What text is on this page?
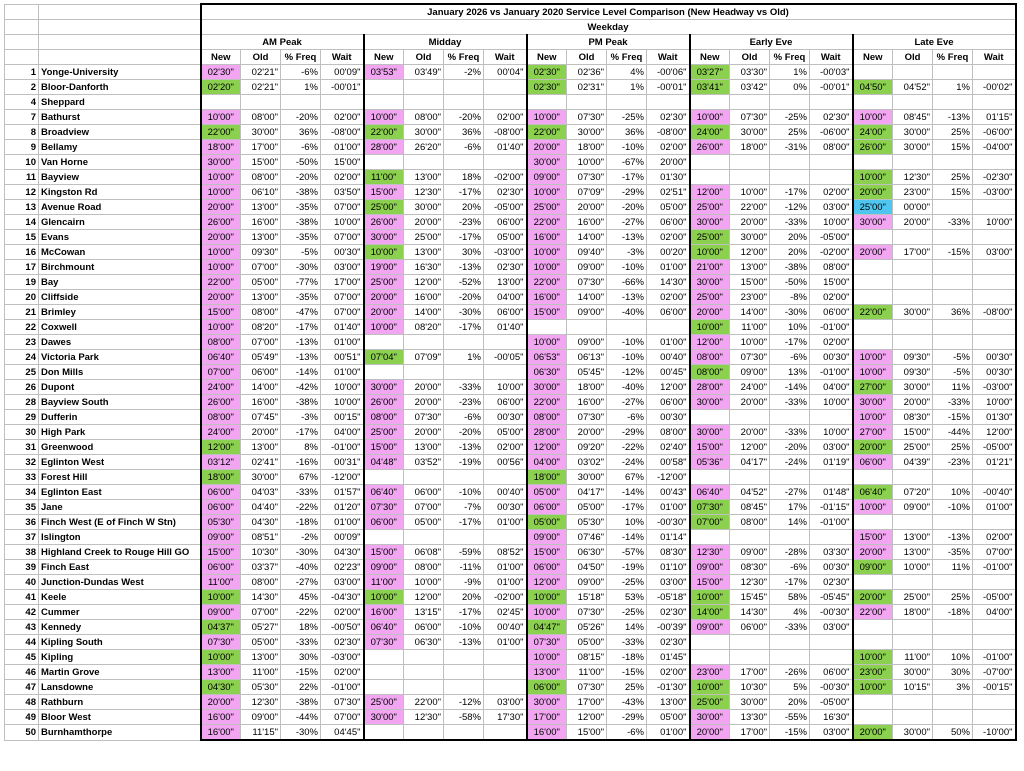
		January 2026 vs January 2020 Service Level Comparison (New Headway vs Old)																			
		Weekday																			
		AM Peak				Midday				PM Peak				Early Eve				Late Eve			
		New	Old	% Freq	Wait	New	Old	% Freq	Wait	New	Old	% Freq	Wait	New	Old	% Freq	Wait	New	Old	% Freq	Wait
1	Yonge-University	02'30"	02'21"	-6%	00'09"	03'53"	03'49"	-2%	00'04"	02'30"	02'36"	4%	-00'06"	03'27"	03'30"	1%	-00'03"				
2	Bloor-Danforth	02'20"	02'21"	1%	-00'01"					02'30"	02'31"	1%	-00'01"	03'41"	03'42"	0%	-00'01"	04'50"	04'52"	1%	-00'02"
4	Sheppard																				
7	Bathurst	10'00"	08'00"	-20%	02'00"	10'00"	08'00"	-20%	02'00"	10'00"	07'30"	-25%	02'30"	10'00"	07'30"	-25%	02'30"	10'00"	08'45"	-13%	01'15"
8	Broadview	22'00"	30'00"	36%	-08'00"	22'00"	30'00"	36%	-08'00"	22'00"	30'00"	36%	-08'00"	24'00"	30'00"	25%	-06'00"	24'00"	30'00"	25%	-06'00"
9	Bellamy	18'00"	17'00"	-6%	01'00"	28'00"	26'20"	-6%	01'40"	20'00"	18'00"	-10%	02'00"	26'00"	18'00"	-31%	08'00"	26'00"	30'00"	15%	-04'00"
10	Van Horne	30'00"	15'00"	-50%	15'00"					30'00"	10'00"	-67%	20'00"								
11	Bayview	10'00"	08'00"	-20%	02'00"	11'00"	13'00"	18%	-02'00"	09'00"	07'30"	-17%	01'30"					10'00"	12'30"	25%	-02'30"
12	Kingston Rd	10'00"	06'10"	-38%	03'50"	15'00"	12'30"	-17%	02'30"	10'00"	07'09"	-29%	02'51"	12'00"	10'00"	-17%	02'00"	20'00"	23'00"	15%	-03'00"
13	Avenue Road	20'00"	13'00"	-35%	07'00"	25'00"	30'00"	20%	-05'00"	25'00"	20'00"	-20%	05'00"	25'00"	22'00"	-12%	03'00"	25'00"	00'00"		
14	Glencairn	26'00"	16'00"	-38%	10'00"	26'00"	20'00"	-23%	06'00"	22'00"	16'00"	-27%	06'00"	30'00"	20'00"	-33%	10'00"	30'00"	20'00"	-33%	10'00"
15	Evans	20'00"	13'00"	-35%	07'00"	30'00"	25'00"	-17%	05'00"	16'00"	14'00"	-13%	02'00"	25'00"	30'00"	20%	-05'00"				
16	McCowan	10'00"	09'30"	-5%	00'30"	10'00"	13'00"	30%	-03'00"	10'00"	09'40"	-3%	00'20"	10'00"	12'00"	20%	-02'00"	20'00"	17'00"	-15%	03'00"
17	Birchmount	10'00"	07'00"	-30%	03'00"	19'00"	16'30"	-13%	02'30"	10'00"	09'00"	-10%	01'00"	21'00"	13'00"	-38%	08'00"				
19	Bay	22'00"	05'00"	-77%	17'00"	25'00"	12'00"	-52%	13'00"	22'00"	07'30"	-66%	14'30"	30'00"	15'00"	-50%	15'00"				
20	Cliffside	20'00"	13'00"	-35%	07'00"	20'00"	16'00"	-20%	04'00"	16'00"	14'00"	-13%	02'00"	25'00"	23'00"	-8%	02'00"				
21	Brimley	15'00"	08'00"	-47%	07'00"	20'00"	14'00"	-30%	06'00"	15'00"	09'00"	-40%	06'00"	20'00"	14'00"	-30%	06'00"	22'00"	30'00"	36%	-08'00"
22	Coxwell	10'00"	08'20"	-17%	01'40"	10'00"	08'20"	-17%	01'40"					10'00"	11'00"	10%	-01'00"				
23	Dawes	08'00"	07'00"	-13%	01'00"					10'00"	09'00"	-10%	01'00"	12'00"	10'00"	-17%	02'00"				
24	Victoria Park	06'40"	05'49"	-13%	00'51"	07'04"	07'09"	1%	-00'05"	06'53"	06'13"	-10%	00'40"	08'00"	07'30"	-6%	00'30"	10'00"	09'30"	-5%	00'30"
25	Don Mills	07'00"	06'00"	-14%	01'00"					06'30"	05'45"	-12%	00'45"	08'00"	09'00"	13%	-01'00"	10'00"	09'30"	-5%	00'30"
26	Dupont	24'00"	14'00"	-42%	10'00"	30'00"	20'00"	-33%	10'00"	30'00"	18'00"	-40%	12'00"	28'00"	24'00"	-14%	04'00"	27'00"	30'00"	11%	-03'00"
28	Bayview South	26'00"	16'00"	-38%	10'00"	26'00"	20'00"	-23%	06'00"	22'00"	16'00"	-27%	06'00"	30'00"	20'00"	-33%	10'00"	30'00"	20'00"	-33%	10'00"
29	Dufferin	08'00"	07'45"	-3%	00'15"	08'00"	07'30"	-6%	00'30"	08'00"	07'30"	-6%	00'30"					10'00"	08'30"	-15%	01'30"
30	High Park	24'00"	20'00"	-17%	04'00"	25'00"	20'00"	-20%	05'00"	28'00"	20'00"	-29%	08'00"	30'00"	20'00"	-33%	10'00"	27'00"	15'00"	-44%	12'00"
31	Greenwood	12'00"	13'00"	8%	-01'00"	15'00"	13'00"	-13%	02'00"	12'00"	09'20"	-22%	02'40"	15'00"	12'00"	-20%	03'00"	20'00"	25'00"	25%	-05'00"
32	Eglinton West	03'12"	02'41"	-16%	00'31"	04'48"	03'52"	-19%	00'56"	04'00"	03'02"	-24%	00'58"	05'36"	04'17"	-24%	01'19"	06'00"	04'39"	-23%	01'21"
33	Forest Hill	18'00"	30'00"	67%	-12'00"					18'00"	30'00"	67%	-12'00"								
34	Eglinton East	06'00"	04'03"	-33%	01'57"	06'40"	06'00"	-10%	00'40"	05'00"	04'17"	-14%	00'43"	06'40"	04'52"	-27%	01'48"	06'40"	07'20"	10%	-00'40"
35	Jane	06'00"	04'40"	-22%	01'20"	07'30"	07'00"	-7%	00'30"	06'00"	05'00"	-17%	01'00"	07'30"	08'45"	17%	-01'15"	10'00"	09'00"	-10%	01'00"
36	Finch West (E of Finch W Stn)	05'30"	04'30"	-18%	01'00"	06'00"	05'00"	-17%	01'00"	05'00"	05'30"	10%	-00'30"	07'00"	08'00"	14%	-01'00"				
37	Islington	09'00"	08'51"	-2%	00'09"					09'00"	07'46"	-14%	01'14"					15'00"	13'00"	-13%	02'00"
38	Highland Creek to Rouge Hill GO	15'00"	10'30"	-30%	04'30"	15'00"	06'08"	-59%	08'52"	15'00"	06'30"	-57%	08'30"	12'30"	09'00"	-28%	03'30"	20'00"	13'00"	-35%	07'00"
39	Finch East	06'00"	03'37"	-40%	02'23"	09'00"	08'00"	-11%	01'00"	06'00"	04'50"	-19%	01'10"	09'00"	08'30"	-6%	00'30"	09'00"	10'00"	11%	-01'00"
40	Junction-Dundas West	11'00"	08'00"	-27%	03'00"	11'00"	10'00"	-9%	01'00"	12'00"	09'00"	-25%	03'00"	15'00"	12'30"	-17%	02'30"				
41	Keele	10'00"	14'30"	45%	-04'30"	10'00"	12'00"	20%	-02'00"	10'00"	15'18"	53%	-05'18"	10'00"	15'45"	58%	-05'45"	20'00"	25'00"	25%	-05'00"
42	Cummer	09'00"	07'00"	-22%	02'00"	16'00"	13'15"	-17%	02'45"	10'00"	07'30"	-25%	02'30"	14'00"	14'30"	4%	-00'30"	22'00"	18'00"	-18%	04'00"
43	Kennedy	04'37"	05'27"	18%	-00'50"	06'40"	06'00"	-10%	00'40"	04'47"	05'26"	14%	-00'39"	09'00"	06'00"	-33%	03'00"				
44	Kipling South	07'30"	05'00"	-33%	02'30"	07'30"	06'30"	-13%	01'00"	07'30"	05'00"	-33%	02'30"								
45	Kipling	10'00"	13'00"	30%	-03'00"					10'00"	08'15"	-18%	01'45"					10'00"	11'00"	10%	-01'00"
46	Martin Grove	13'00"	11'00"	-15%	02'00"					13'00"	11'00"	-15%	02'00"	23'00"	17'00"	-26%	06'00"	23'00"	30'00"	30%	-07'00"
47	Lansdowne	04'30"	05'30"	22%	-01'00"					06'00"	07'30"	25%	-01'30"	10'00"	10'30"	5%	-00'30"	10'00"	10'15"	3%	-00'15"
48	Rathburn	20'00"	12'30"	-38%	07'30"	25'00"	22'00"	-12%	03'00"	30'00"	17'00"	-43%	13'00"	25'00"	30'00"	20%	-05'00"				
49	Bloor West	16'00"	09'00"	-44%	07'00"	30'00"	12'30"	-58%	17'30"	17'00"	12'00"	-29%	05'00"	30'00"	13'30"	-55%	16'30"				
50	Burnhamthorpe	16'00"	11'15"	-30%	04'45"					16'00"	15'00"	-6%	01'00"	20'00"	17'00"	-15%	03'00"	20'00"	30'00"	50%	-10'00"
